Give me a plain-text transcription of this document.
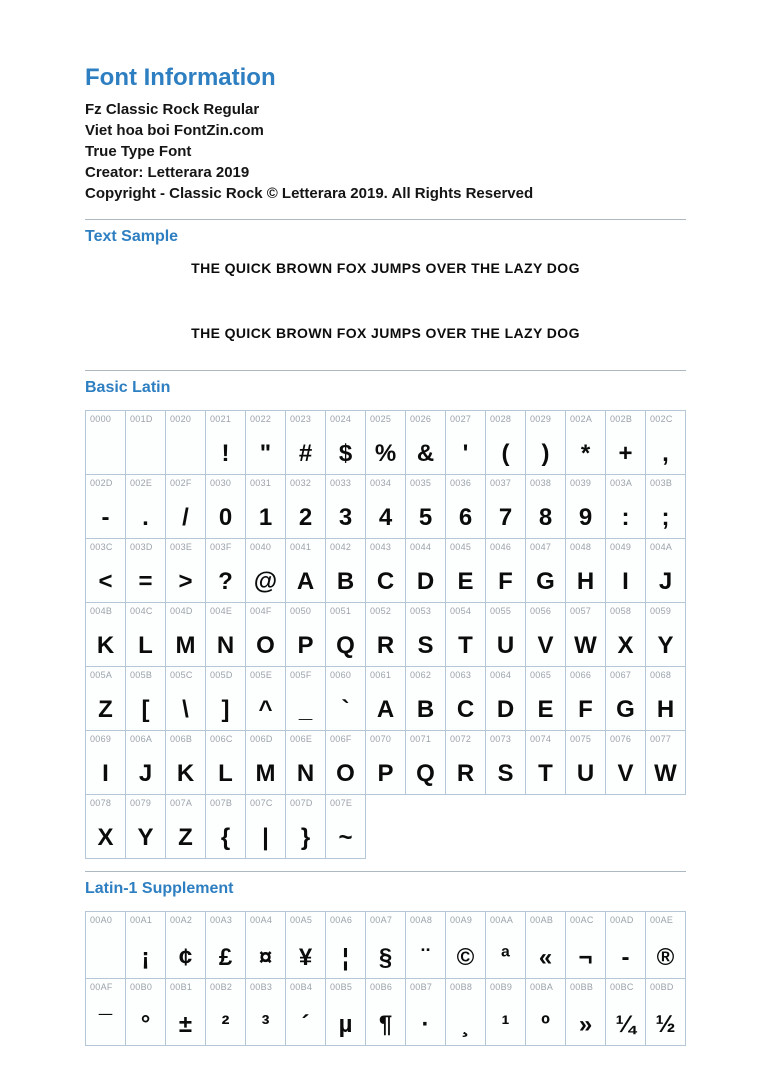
Font Information
Fz Classic Rock Regular
Viet hoa boi FontZin.com
True Type Font
Creator: Letterara 2019
Copyright - Classic Rock © Letterara 2019. All Rights Reserved
Text Sample
THE QUICK BROWN FOX JUMPS OVER THE LAZY DOG
THE QUICK BROWN FOX JUMPS OVER THE LAZY DOG
Basic Latin
0000 001D 0020 0021
!
0022
"
0023
#
0024
$
0025
%
0026
&
0027
'
0028
(
0029
)
002A
*
002B
+
002C
,
002D
-
002E
.
002F
/
0030
0
0031
1
0032
2
0033
3
0034
4
0035
5
0036
6
0037
7
0038
8
0039
9
003A
:
003B
;
003C
<
003D
=
003E
>
003F
?
0040
@
0041
A
0042
B
0043
C
0044
D
0045
E
0046
F
0047
G
0048
H
0049
I
004A
J
004B
K
004C
L
004D
M
004E
N
004F
O
0050
P
0051
Q
0052
R
0053
S
0054
T
0055
U
0056
V
0057
W
0058
X
0059
Y
005A
Z
005B
[
005C
\
005D
]
005E
^
005F
_
0060
`
0061
A
0062
B
0063
C
0064
D
0065
E
0066
F
0067
G
0068
H
0069
I
006A
J
006B
K
006C
L
006D
M
006E
N
006F
O
0070
P
0071
Q
0072
R
0073
S
0074
T
0075
U
0076
V
0077
W
0078
X
0079
Y
007A
Z
007B
{
007C
|
007D
}
007E
~
Latin-1 Supplement
00A0 00A1
¡
00A2
¢
00A3
£
00A4
¤
00A5
¥
00A6
¦
00A7
§
00A8
¨
00A9
©
00AA
ª
00AB
«
00AC
¬
00AD
-
00AE
®
00AF
¯
00B0
°
00B1
±
00B2
²
00B3
³
00B4
´
00B5
µ
00B6
¶
00B7
·
00B8
¸
00B9
¹
00BA
º
00BB
»
00BC
¼
00BD
½
